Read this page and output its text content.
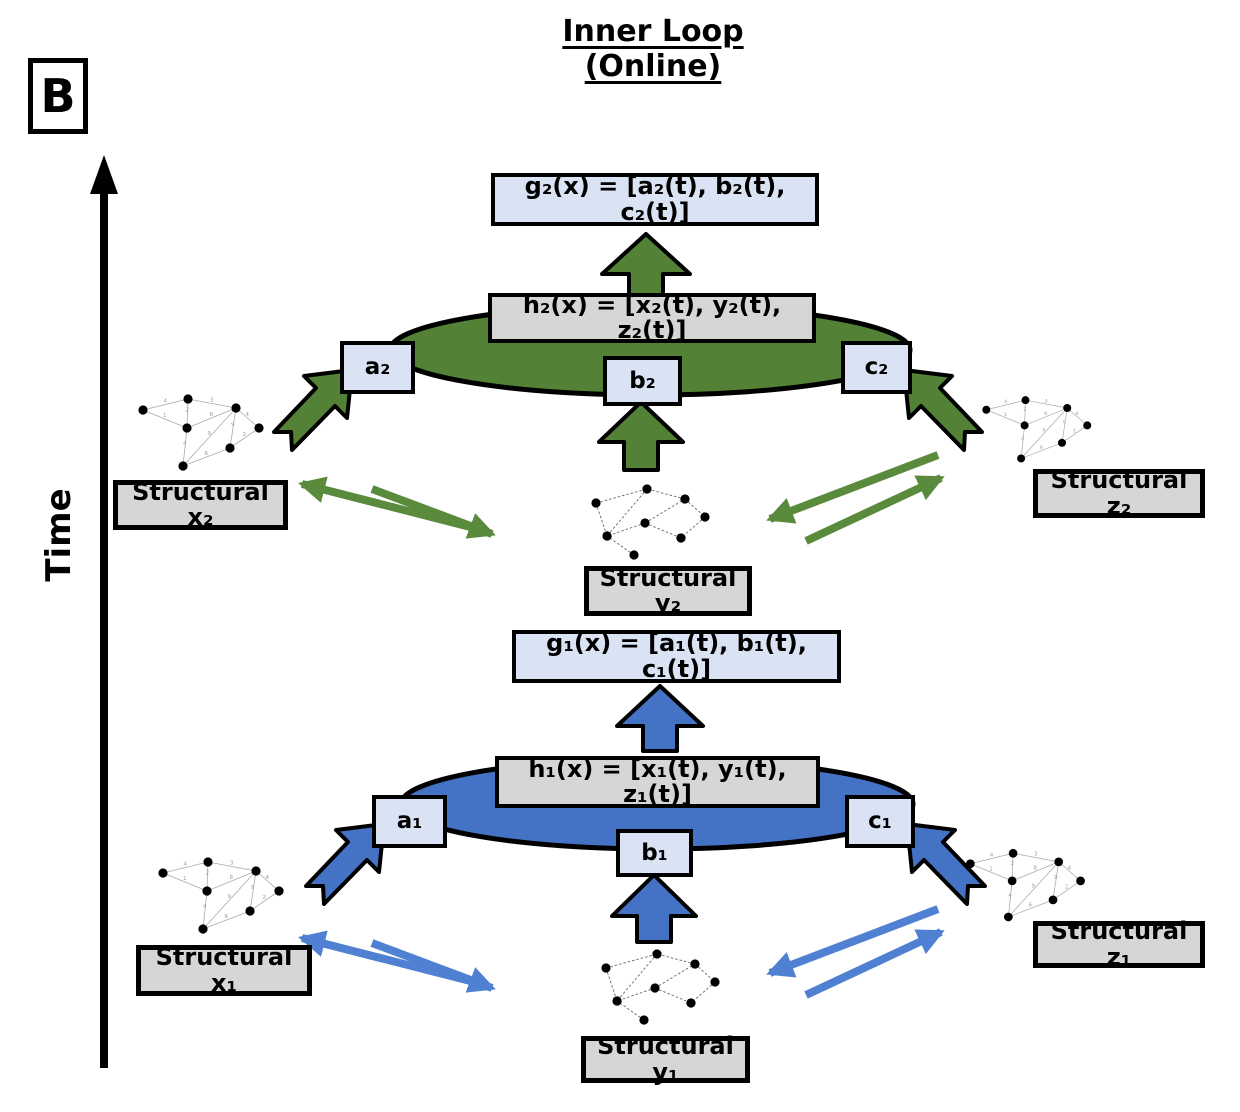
4	3
1
2
8	4
9
9	2
4
6
4	3
1
2
8	4
9
9	2
4
6
4	3
1
2
8	4
9
9	2
4
6
4	3
1
2
8	4
9
9	2
4
6
B
Inner Loop
(Online)
Time
g₂(x) = [a₂(t), b₂(t), c₂(t)]
h₂(x) = [x₂(t), y₂(t), z₂(t)]
a₂
b₂
c₂
Structural x₂
Structural y₂
Structural z₂
g₁(x) = [a₁(t), b₁(t), c₁(t)]
h₁(x) = [x₁(t), y₁(t), z₁(t)]
a₁
b₁
c₁
Structural x₁
Structural y₁
Structural z₁
